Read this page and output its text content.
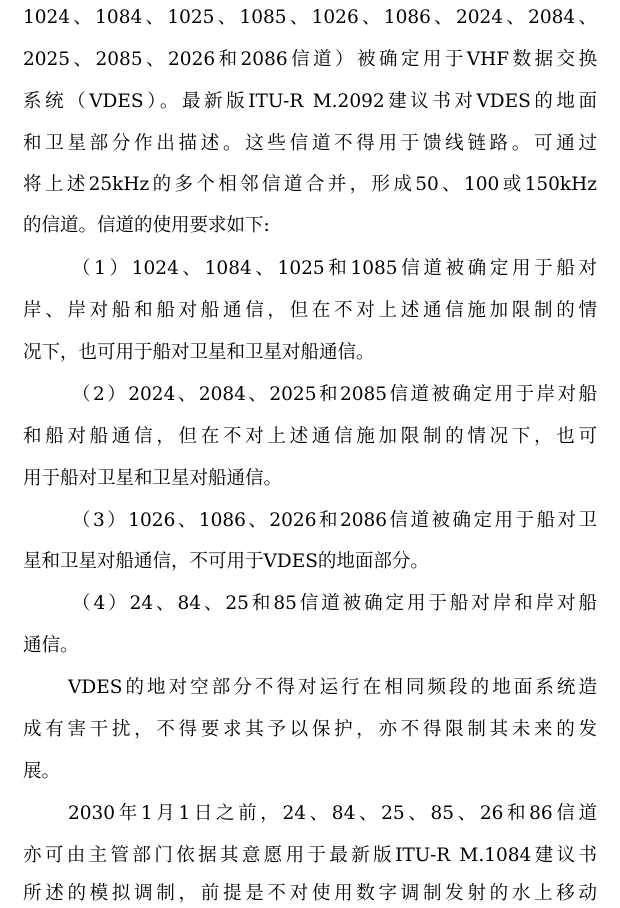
1024、1084、1025、1085、1026、1086、2024、2084、
2025、2085、2026和2086信道）被确定用于VHF数据交换
系统（VDES）。最新版ITU-R M.2092建议书对VDES的地面
和卫星部分作出描述。这些信道不得用于馈线链路。可通过
将上述25kHz的多个相邻信道合并，形成50、100或150kHz
的信道。信道的使用要求如下:
（1）1024、1084、1025和1085信道被确定用于船对
岸、岸对船和船对船通信，但在不对上述通信施加限制的情
况下，也可用于船对卫星和卫星对船通信。
（2）2024、2084、2025和2085信道被确定用于岸对船
和船对船通信，但在不对上述通信施加限制的情况下，也可
用于船对卫星和卫星对船通信。
（3）1026、1086、2026和2086信道被确定用于船对卫
星和卫星对船通信，不可用于VDES的地面部分。
（4）24、84、25和85信道被确定用于船对岸和岸对船
通信。
VDES的地对空部分不得对运行在相同频段的地面系统造
成有害干扰，不得要求其予以保护，亦不得限制其未来的发
展。
2030年1月1日之前，24、84、25、85、26和86信道
亦可由主管部门依据其意愿用于最新版ITU-R M.1084建议书
所述的模拟调制，前提是不对使用数字调制发射的水上移动
